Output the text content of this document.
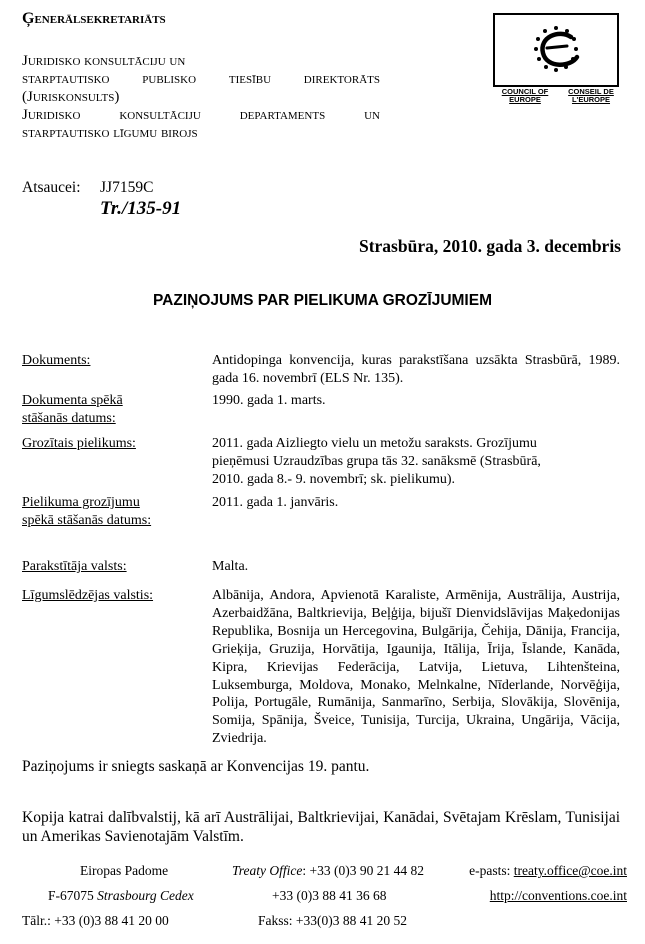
Ģenerālsekretariāts
Juridisko konsultāciju un
starptautisko publisko tiesību direktorāts
(Juriskonsults)
Juridisko konsultāciju departaments un
starptautisko līgumu birojs
COUNCIL OF EUROPE
CONSEIL DE L'EUROPE
Atsaucei: JJ7159C
Tr./135-91
Strasbūra, 2010. gada 3. decembris
PAZIŅOJUMS PAR PIELIKUMA GROZĪJUMIEM
Dokuments:	Antidopinga konvencija, kuras parakstīšana uzsākta Strasbūrā, 1989. gada 16. novembrī (ELS Nr. 135).
Dokumenta spēkā
stāšanās datums:
1990. gada 1. marts.
Grozītais pielikums:	2011. gada Aizliegto vielu un metožu saraksts. Grozījumu pieņēmusi Uzraudzības grupa tās 32. sanāksmē (Strasbūrā, 2010. gada 8.- 9. novembrī; sk. pielikumu).
Pielikuma grozījumu
spēkā stāšanās datums:
2011. gada 1. janvāris.
Parakstītāja valsts:	Malta.
Līgumslēdzējas valstis:	Albānija, Andora, Apvienotā Karaliste, Armēnija, Austrālija, Austrija, Azerbaidžāna, Baltkrievija, Beļģija, bijušī Dienvidslāvijas Maķedonijas Republika, Bosnija un Hercegovina, Bulgārija, Čehija, Dānija, Francija, Grieķija, Gruzija, Horvātija, Igaunija, Itālija, Īrija, Īslande, Kanāda, Kipra, Krievijas Federācija, Latvija, Lietuva, Lihtenšteina, Luksemburga, Moldova, Monako, Melnkalne, Nīderlande, Norvēģija, Polija, Portugāle, Rumānija, Sanmarīno, Serbija, Slovākija, Slovēnija, Somija, Spānija, Šveice, Tunisija, Turcija, Ukraina, Ungārija, Vācija, Zviedrija.
Paziņojums ir sniegts saskaņā ar Konvencijas 19. pantu.
Kopija katrai dalībvalstij, kā arī Austrālijai, Baltkrievijai, Kanādai, Svētajam Krēslam, Tunisijai un Amerikas Savienotajām Valstīm.
Eiropas Padome
F-67075 Strasbourg Cedex
Tālr.: +33 (0)3 88 41 20 00
Treaty Office: +33 (0)3 90 21 44 82
+33 (0)3 88 41 36 68
Fakss: +33(0)3 88 41 20 52
e-pasts: treaty.office@coe.int
http://conventions.coe.int
